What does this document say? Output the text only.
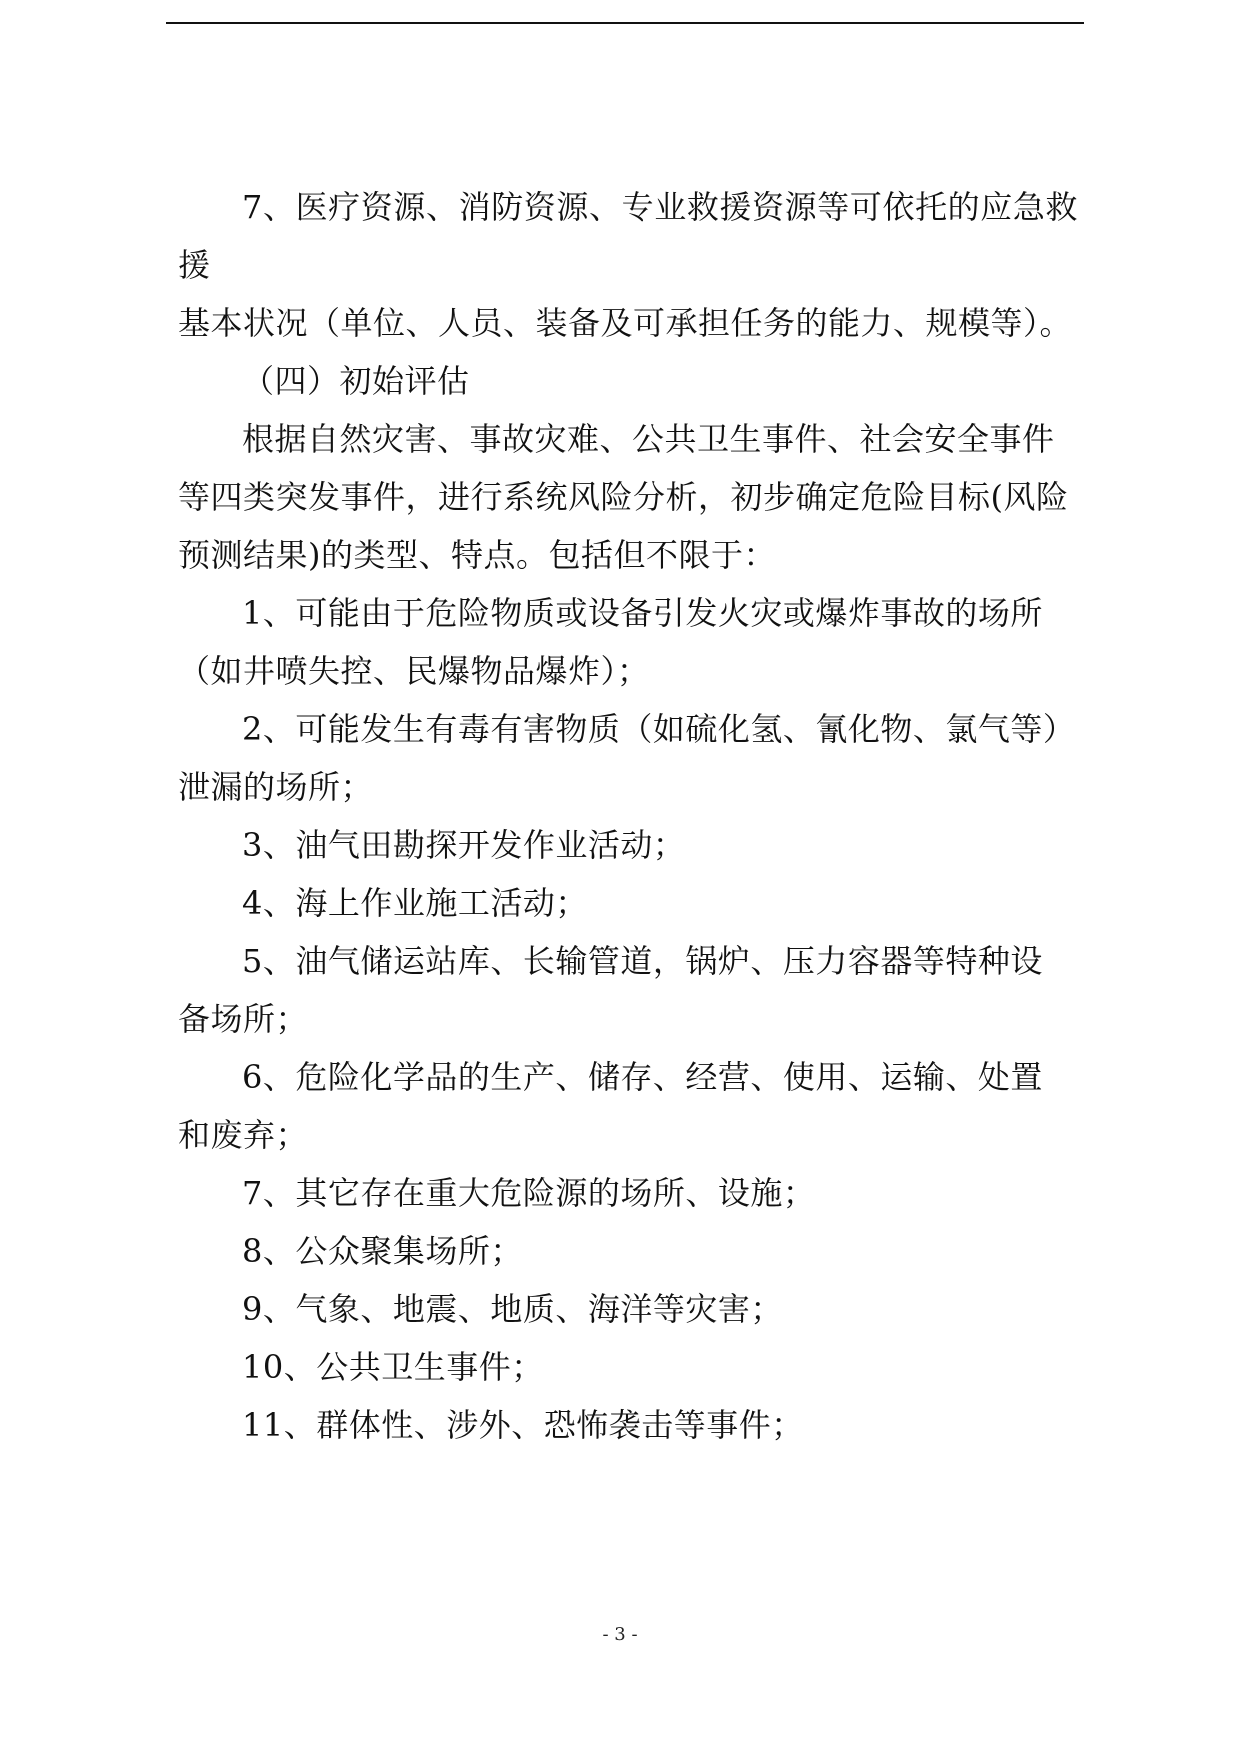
7、医疗资源、消防资源、专业救援资源等可依托的应急救援
基本状况（单位、人员、装备及可承担任务的能力、规模等）。

（四）初始评估

根据自然灾害、事故灾难、公共卫生事件、社会安全事件
等四类突发事件，进行系统风险分析，初步确定危险目标(风险
预测结果)的类型、特点。包括但不限于：

1、可能由于危险物质或设备引发火灾或爆炸事故的场所
（如井喷失控、民爆物品爆炸）；

2、可能发生有毒有害物质（如硫化氢、氰化物、氯气等）
泄漏的场所；

3、油气田勘探开发作业活动；

4、海上作业施工活动；

5、油气储运站库、长输管道，锅炉、压力容器等特种设
备场所；

6、危险化学品的生产、储存、经营、使用、运输、处置
和废弃；

7、其它存在重大危险源的场所、设施；

8、公众聚集场所；

9、气象、地震、地质、海洋等灾害；

10、公共卫生事件；

11、群体性、涉外、恐怖袭击等事件；

- 3 -
